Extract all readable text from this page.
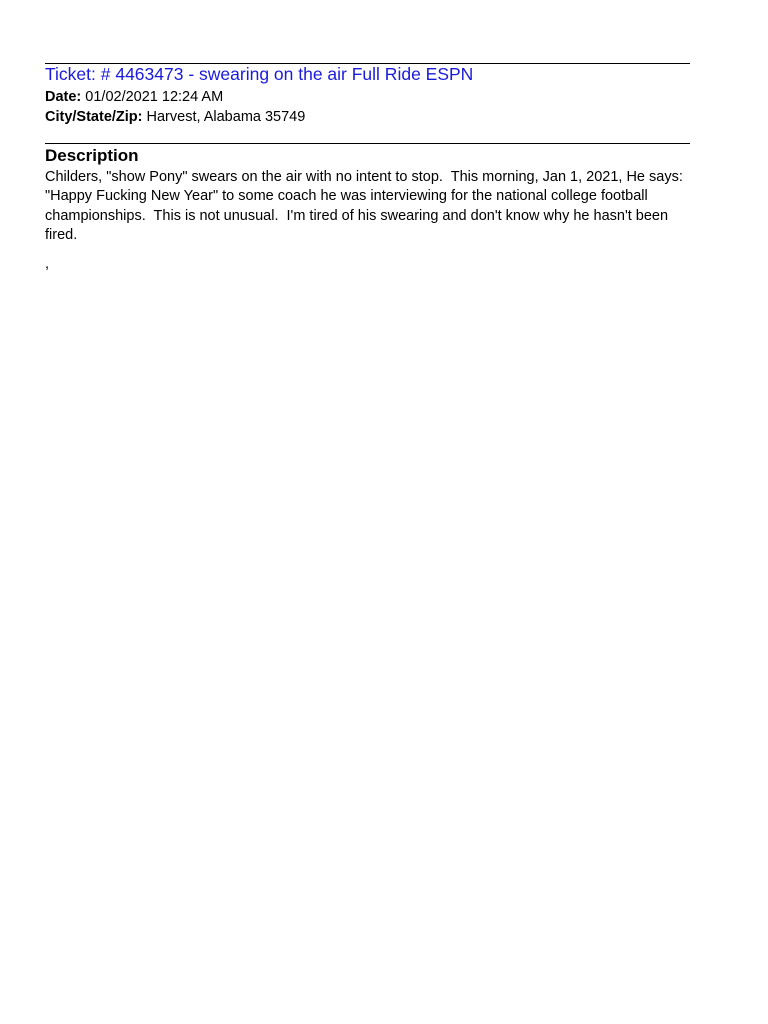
Ticket: # 4463473 - swearing on the air Full Ride ESPN
Date: 01/02/2021 12:24 AM
City/State/Zip: Harvest, Alabama 35749
Description
Childers, "show Pony" swears on the air with no intent to stop.  This morning, Jan 1, 2021, He says:
"Happy Fucking New Year" to some coach he was interviewing for the national college football
championships.  This is not unusual.  I'm tired of his swearing and don't know why he hasn't been
fired.
,
